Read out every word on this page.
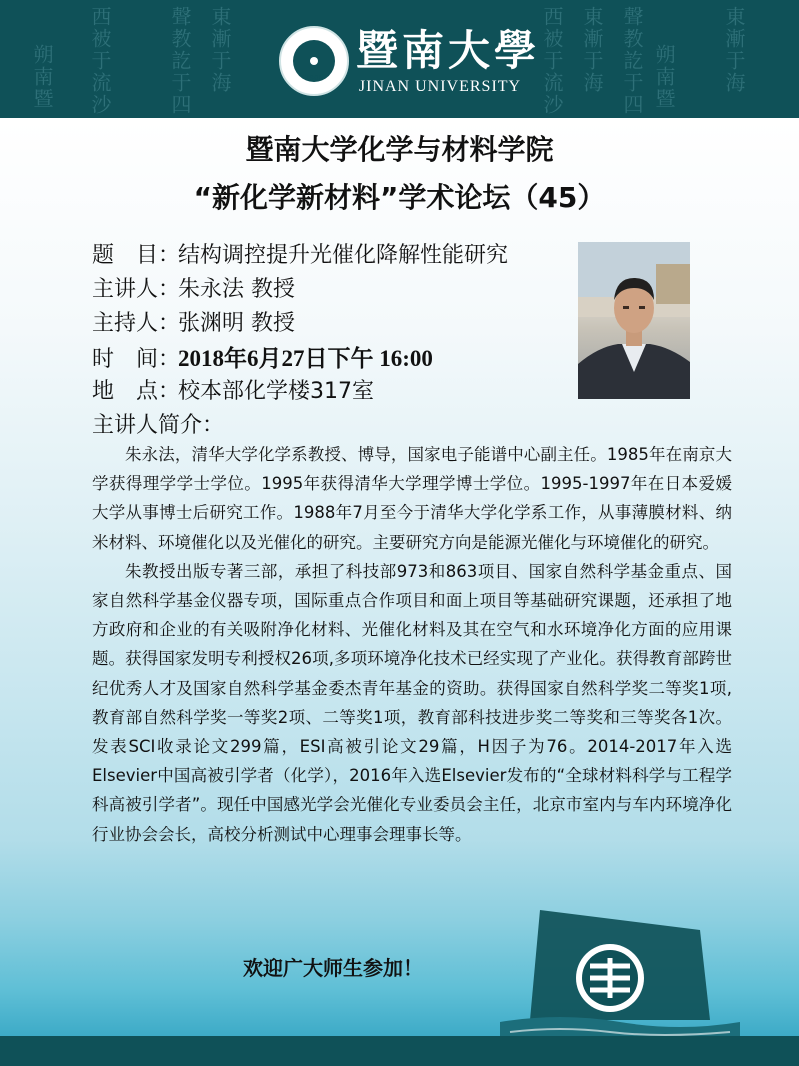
西被于流沙
朔南暨	聲教訖于四 東漸于海	西被于流沙 東漸于海 聲教訖于四 朔南暨 東漸于海
1906
暨南大學
JINAN UNIVERSITY
暨南大学化学与材料学院
“新化学新材料”学术论坛（45）
题　目：结构调控提升光催化降解性能研究
主讲人：朱永法 教授
主持人：张渊明 教授
时　间：2018年6月27日下午 16:00
地　点：校本部化学楼317室
主讲人简介：

朱永法，清华大学化学系教授、博导，国家电子能谱中心副主任。1985年在南京大学获得理学学士学位。1995年获得清华大学理学博士学位。1995-1997年在日本爱媛大学从事博士后研究工作。1988年7月至今于清华大学化学系工作，从事薄膜材料、纳米材料、环境催化以及光催化的研究。主要研究方向是能源光催化与环境催化的研究。

朱教授出版专著三部，承担了科技部973和863项目、国家自然科学基金重点、国家自然科学基金仪器专项，国际重点合作项目和面上项目等基础研究课题，还承担了地方政府和企业的有关吸附净化材料、光催化材料及其在空气和水环境净化方面的应用课题。获得国家发明专利授权26项,多项环境净化技术已经实现了产业化。获得教育部跨世纪优秀人才及国家自然科学基金委杰青年基金的资助。获得国家自然科学奖二等奖1项, 教育部自然科学奖一等奖2项、二等奖1项，教育部科技进步奖二等奖和三等奖各1次。发表SCI收录论文299篇，ESI高被引论文29篇，H因子为76。2014-2017年入选Elsevier中国高被引学者（化学），2016年入选Elsevier发布的“全球材料科学与工程学科高被引学者”。现任中国感光学会光催化专业委员会主任，北京市室内与车内环境净化行业协会会长，高校分析测试中心理事会理事长等。

欢迎广大师生参加！
